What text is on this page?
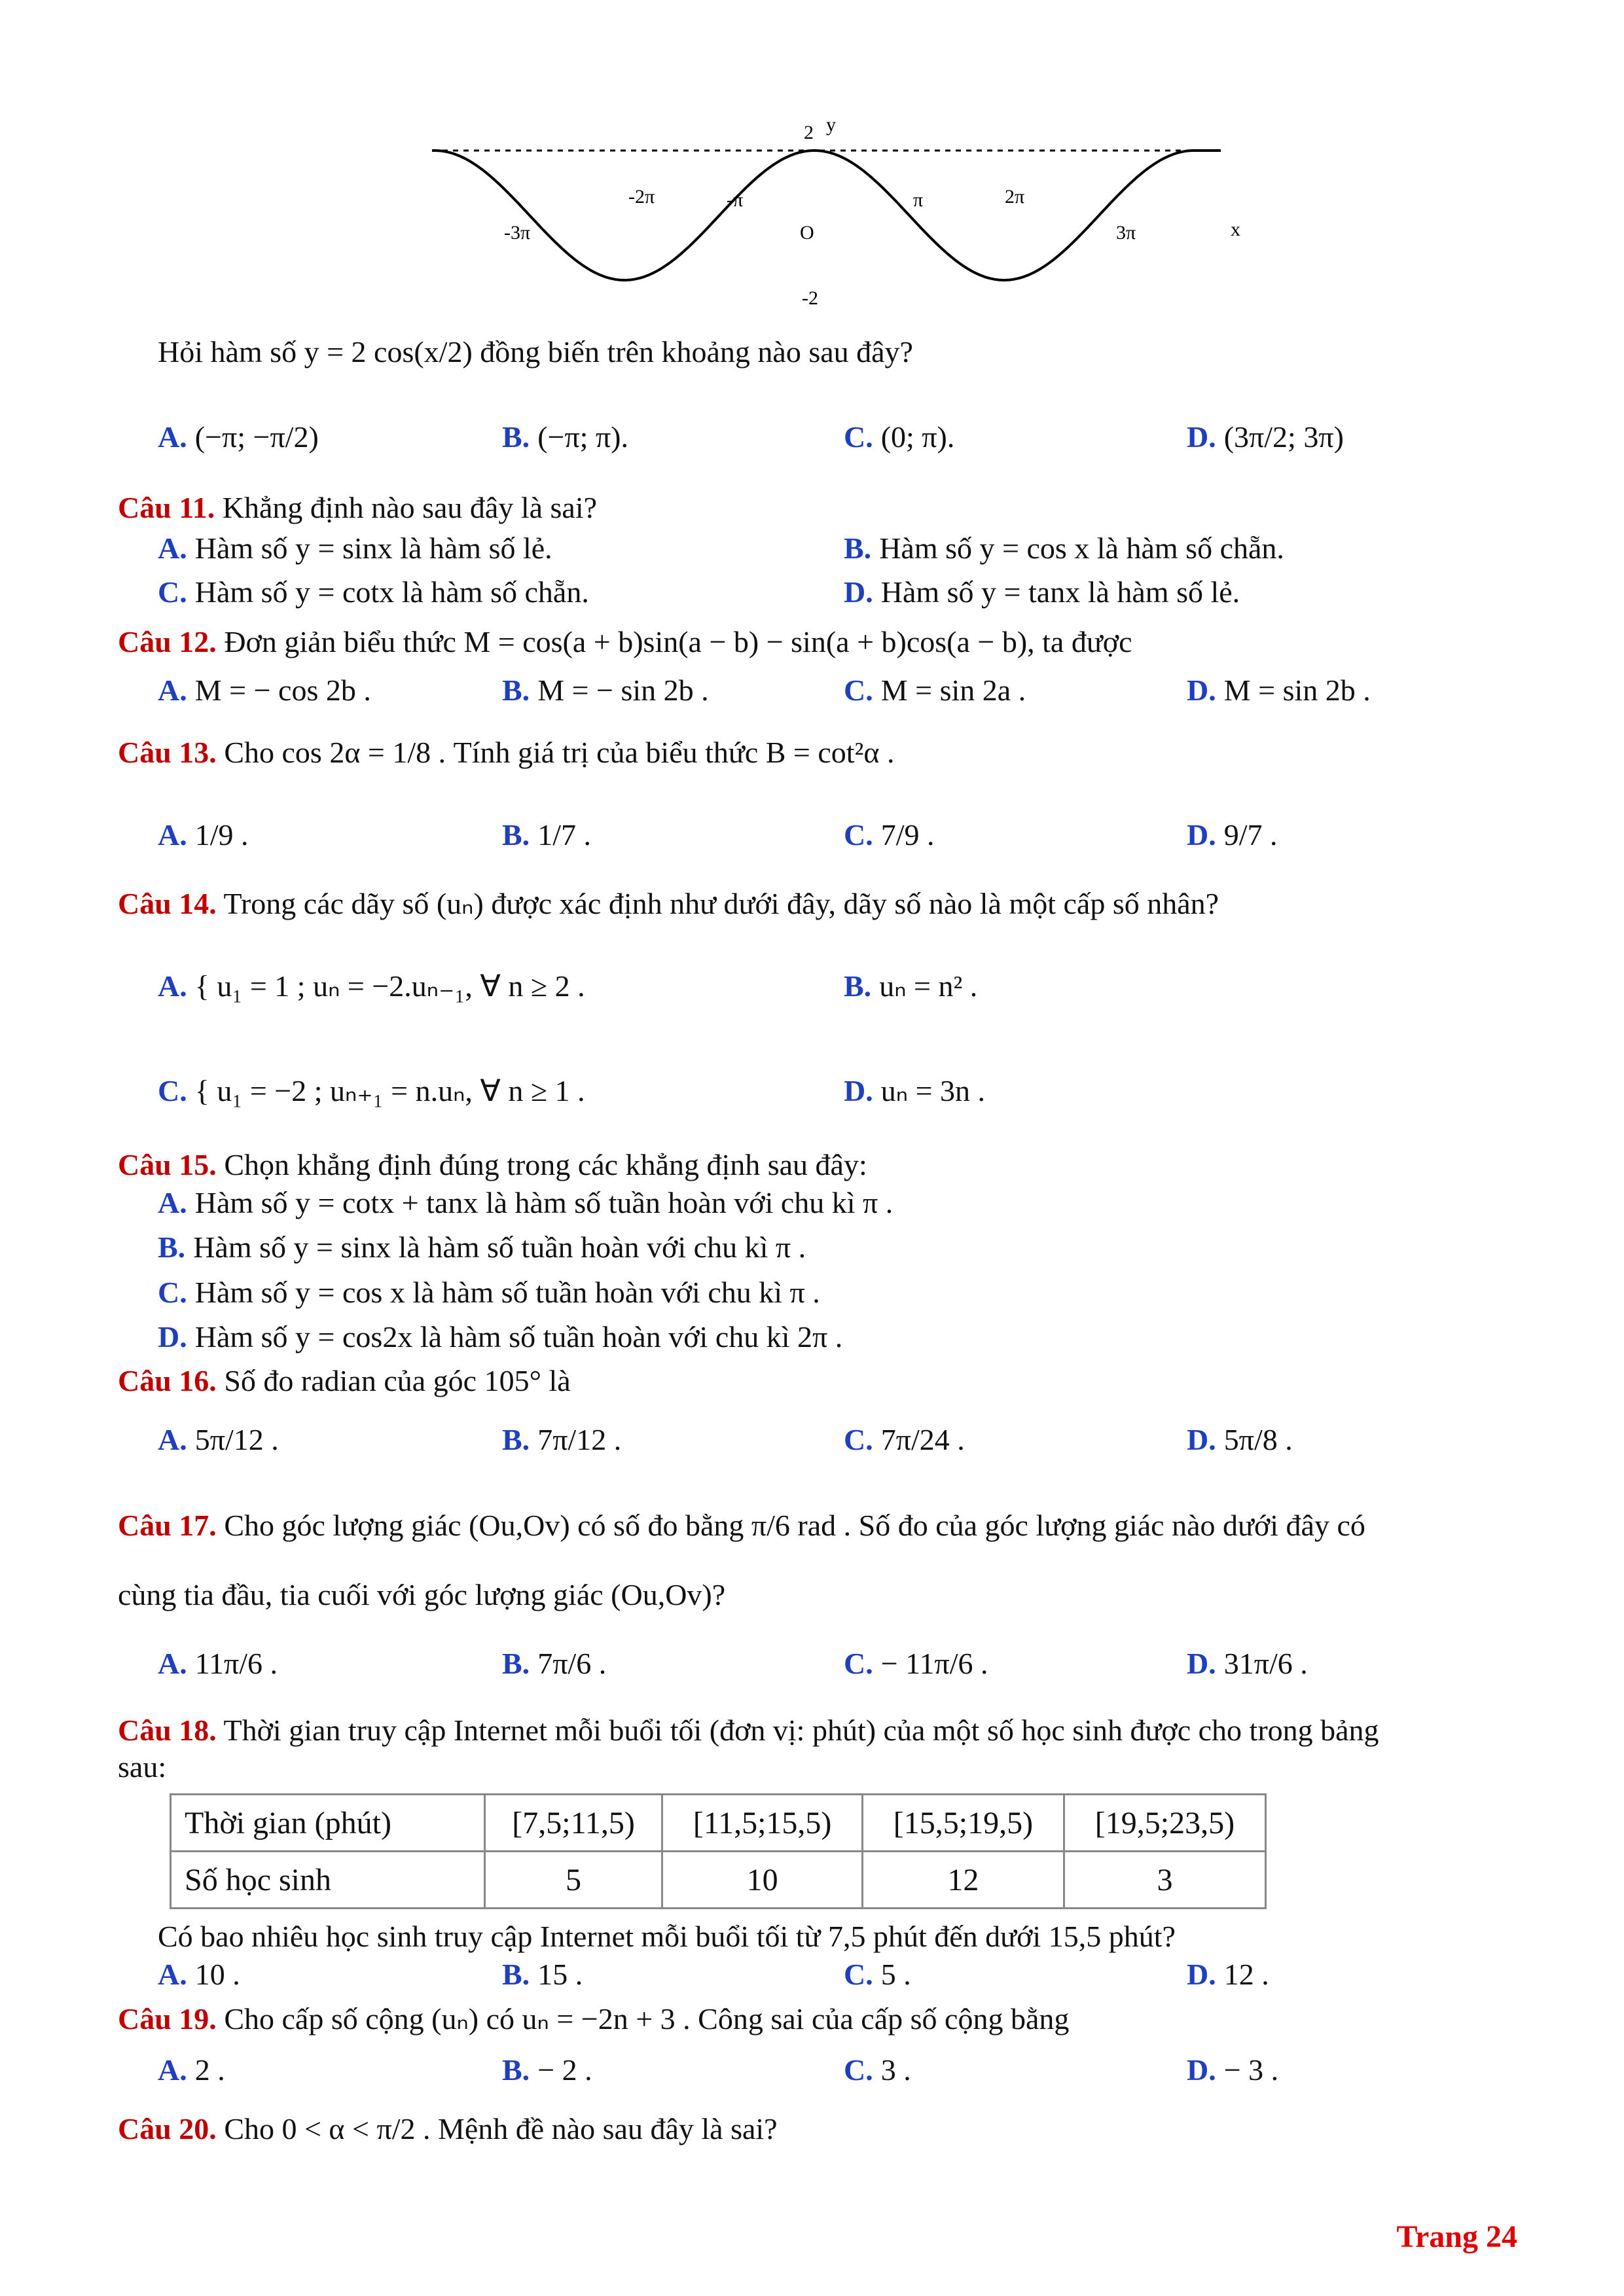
y
2
-3π
-2π	-π
O
π	2π
3π	x
-2
Hỏi hàm số y = 2 cos(x/2) đồng biến trên khoảng nào sau đây?
A. (−π; −π/2)	B. (−π; π).	C. (0; π).	D. (3π/2; 3π)
Câu 11. Khẳng định nào sau đây là sai?
A. Hàm số y = sinx là hàm số lẻ.	B. Hàm số y = cos x là hàm số chẵn.
C. Hàm số y = cotx là hàm số chẵn.	D. Hàm số y = tanx là hàm số lẻ.
Câu 12. Đơn giản biểu thức M = cos(a + b)sin(a − b) − sin(a + b)cos(a − b), ta được
A. M = − cos 2b .	B. M = − sin 2b .	C. M = sin 2a .	D. M = sin 2b .
Câu 13. Cho cos 2α = 1/8 . Tính giá trị của biểu thức B = cot²α .
A. 1/9 .	B. 1/7 .	C. 7/9 .	D. 9/7 .
Câu 14. Trong các dãy số (uₙ) được xác định như dưới đây, dãy số nào là một cấp số nhân?
A. { u₁ = 1 ; uₙ = −2.uₙ₋₁, ∀ n ≥ 2 .	B. uₙ = n² .
C. { u₁ = −2 ; uₙ₊₁ = n.uₙ, ∀ n ≥ 1 .	D. uₙ = 3n .
Câu 15. Chọn khẳng định đúng trong các khẳng định sau đây:
A. Hàm số y = cotx + tanx là hàm số tuần hoàn với chu kì π .
B. Hàm số y = sinx là hàm số tuần hoàn với chu kì π .
C. Hàm số y = cos x là hàm số tuần hoàn với chu kì π .
D. Hàm số y = cos2x là hàm số tuần hoàn với chu kì 2π .
Câu 16. Số đo radian của góc 105° là
A. 5π/12 .	B. 7π/12 .	C. 7π/24 .	D. 5π/8 .
Câu 17. Cho góc lượng giác (Ou,Ov) có số đo bằng π/6 rad . Số đo của góc lượng giác nào dưới đây có
cùng tia đầu, tia cuối với góc lượng giác (Ou,Ov)?
A. 11π/6 .	B. 7π/6 .	C. − 11π/6 .	D. 31π/6 .
Câu 18. Thời gian truy cập Internet mỗi buổi tối (đơn vị: phút) của một số học sinh được cho trong bảng
sau:
Có bao nhiêu học sinh truy cập Internet mỗi buổi tối từ 7,5 phút đến dưới 15,5 phút?
A. 10 .	B. 15 .	C. 5 .	D. 12 .
Câu 19. Cho cấp số cộng (uₙ) có uₙ = −2n + 3 . Công sai của cấp số cộng bằng
A. 2 .	B. − 2 .	C. 3 .	D. − 3 .
Câu 20. Cho 0 < α < π/2 . Mệnh đề nào sau đây là sai?
Thời gian (phút)	[7,5;11,5)	[11,5;15,5)	[15,5;19,5)	[19,5;23,5)
Số học sinh	5	10	12	3
Trang 24
